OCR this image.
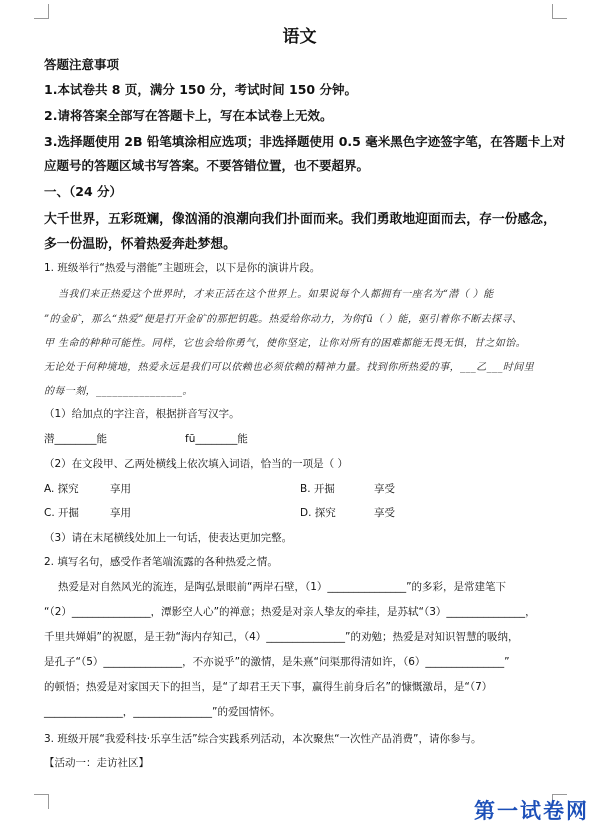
语文
答题注意事项
1.本试卷共 8 页，满分 150 分，考试时间 150 分钟。
2.请将答案全部写在答题卡上，写在本试卷上无效。
3.选择题使用 2B 铅笔填涂相应选项；非选择题使用 0.5 毫米黑色字迹签字笔，在答题卡上对
应题号的答题区域书写答案。不要答错位置，也不要超界。
一、（24 分）
大千世界，五彩斑斓，像汹涌的浪潮向我们扑面而来。我们勇敢地迎面而去，存一份感念，
多一份温盼，怀着热爱奔赴梦想。
1. 班级举行“热爱与潜能”主题班会，以下是你的演讲片段。
当我们来正热爱这个世界时，才来正活在这个世界上。如果说每个人都拥有一座名为“潜（ ）能
”的金矿，那么“热爱”便是打开金矿的那把钥匙。热爱给你动力，为你fū（ ）能，驱引着你不断去探寻、
甲 生命的种种可能性。同样，它也会给你勇气，使你坚定，让你对所有的困难都能无畏无惧，甘之如饴。
无论处于何种境地，热爱永远是我们可以依赖也必须依赖的精神力量。找到你所热爱的事，___乙___时间里
的每一刻，________________。
（1）给加点的字注音，根据拼音写汉字。
潜________能	fū________能
（2）在文段甲、乙两处横线上依次填入词语，恰当的一项是（ ）
A. 探究	享用	B. 开掘	享受
C. 开掘	享用	D. 探究	享受
（3）请在末尾横线处加上一句话，使表达更加完整。
2. 填写名句，感受作者笔端流露的各种热爱之情。
热爱是对自然风光的流连，是陶弘景眼前“两岸石壁，（1）_______________”的多彩，是常建笔下
“（2）_______________，潭影空人心”的禅意；热爱是对亲人挚友的牵挂，是苏轼“（3）_______________，
千里共婵娟”的祝愿，是王勃“海内存知己，（4）_______________”的劝勉；热爱是对知识智慧的吸纳，
是孔子“（5）_______________，不亦说乎”的激情，是朱熹“问渠那得清如许，（6）_______________”
的顿悟；热爱是对家国天下的担当，是“了却君王天下事，赢得生前身后名”的慷慨激昂，是“（7）
_______________，_______________”的爱国情怀。
3. 班级开展“我爱科技·乐享生活”综合实践系列活动，本次聚焦“一次性产品消费”，请你参与。
【活动一：走访社区】
第一试卷网
